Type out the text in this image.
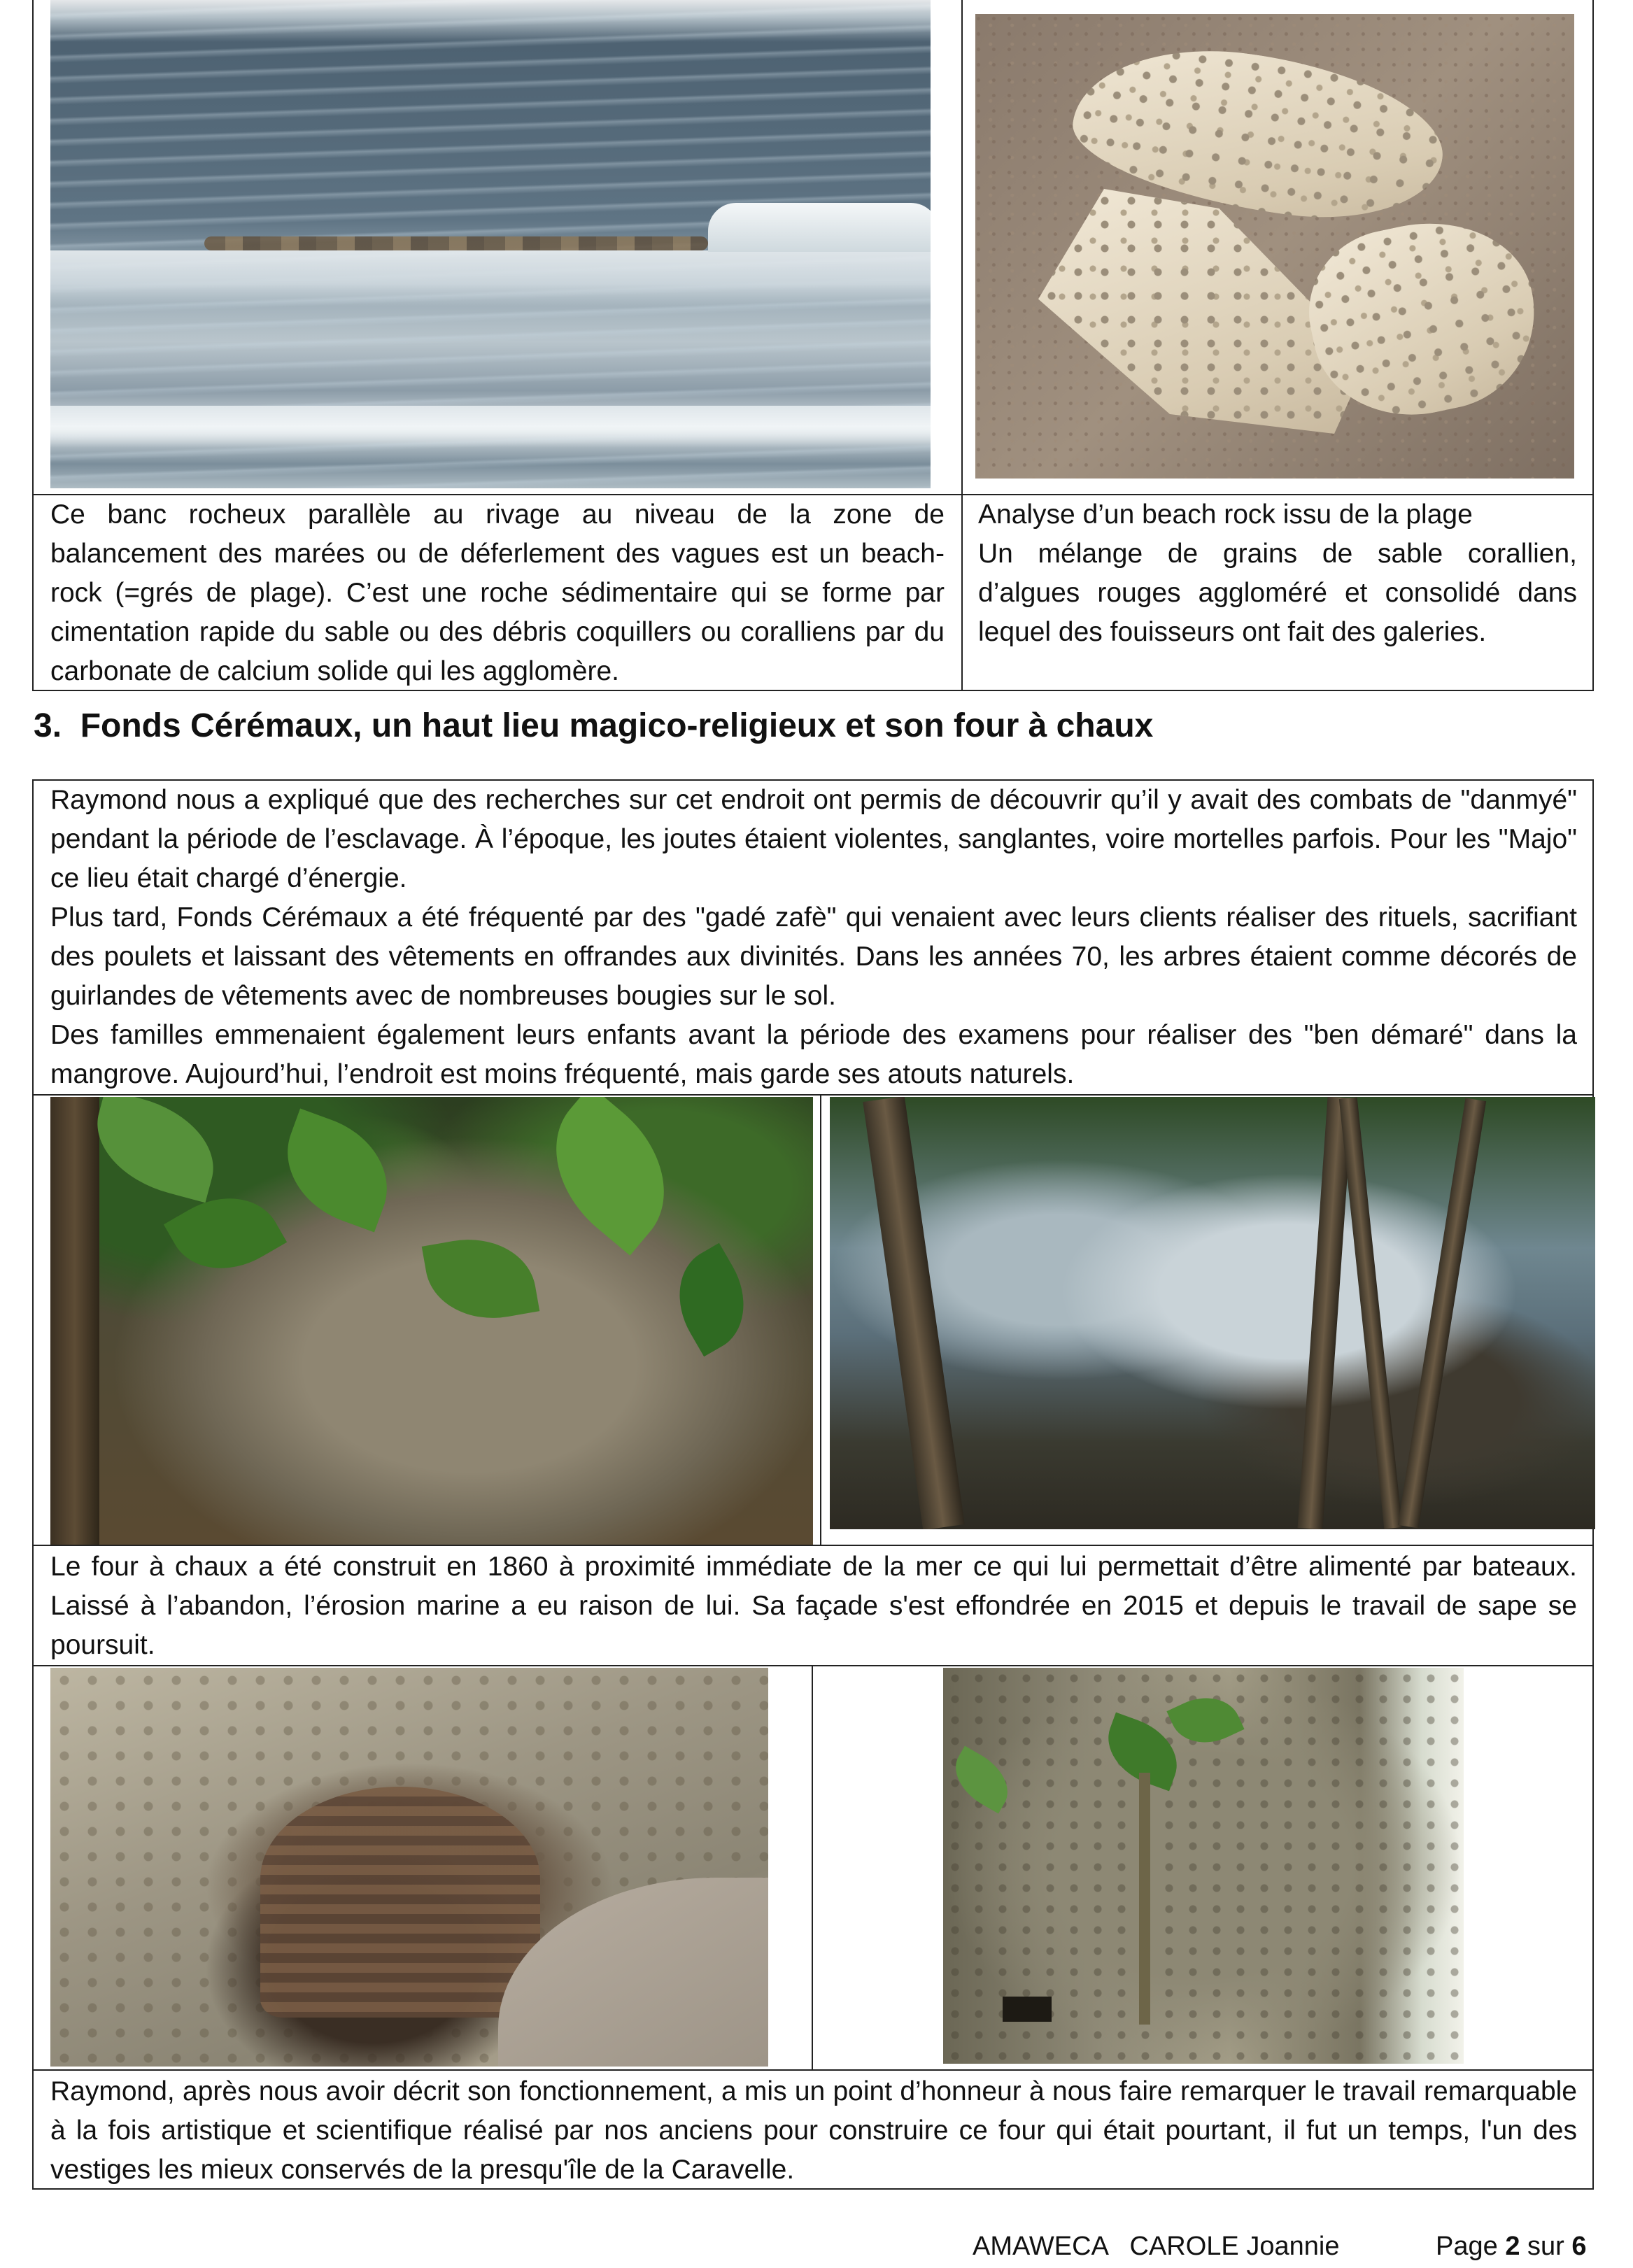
Ce banc rocheux parallèle au rivage au niveau de la zone de balancement des marées ou de déferlement des vagues est un beach-rock (=grés de plage). C’est une roche sédimentaire qui se forme par cimentation rapide du sable ou des débris coquillers ou coralliens par du carbonate de calcium solide qui les agglomère.

Analyse d’un beach rock issu de la plage

Un mélange de grains de sable corallien, d’algues rouges aggloméré et consolidé dans lequel des fouisseurs ont fait des galeries.

3. Fonds Cérémaux, un haut lieu magico-religieux et son four à chaux

Raymond nous a expliqué que des recherches sur cet endroit ont permis de découvrir qu’il y avait des combats de "danmyé" pendant la période de l’esclavage. À l’époque, les joutes étaient violentes, sanglantes, voire mortelles parfois. Pour les "Majo" ce lieu était chargé d’énergie.

Plus tard, Fonds Cérémaux a été fréquenté par des "gadé zafè" qui venaient avec leurs clients réaliser des rituels, sacrifiant des poulets et laissant des vêtements en offrandes aux divinités. Dans les années 70, les arbres étaient comme décorés de guirlandes de vêtements avec de nombreuses bougies sur le sol.

Des familles emmenaient également leurs enfants avant la période des examens pour réaliser des "ben démaré" dans la mangrove. Aujourd’hui, l’endroit est moins fréquenté, mais garde ses atouts naturels.

Le four à chaux a été construit en 1860 à proximité immédiate de la mer ce qui lui permettait d’être alimenté par bateaux. Laissé à l’abandon, l’érosion marine a eu raison de lui. Sa façade s'est effondrée en 2015 et depuis le travail de sape se poursuit.
Raymond, après nous avoir décrit son fonctionnement, a mis un point d’honneur à nous faire remarquer le travail remarquable à la fois artistique et scientifique réalisé par nos anciens pour construire ce four qui était pourtant, il fut un temps, l'un des vestiges les mieux conservés de la presqu'île de la Caravelle.
AMAWECA   CAROLE Joannie	Page 2 sur 6
